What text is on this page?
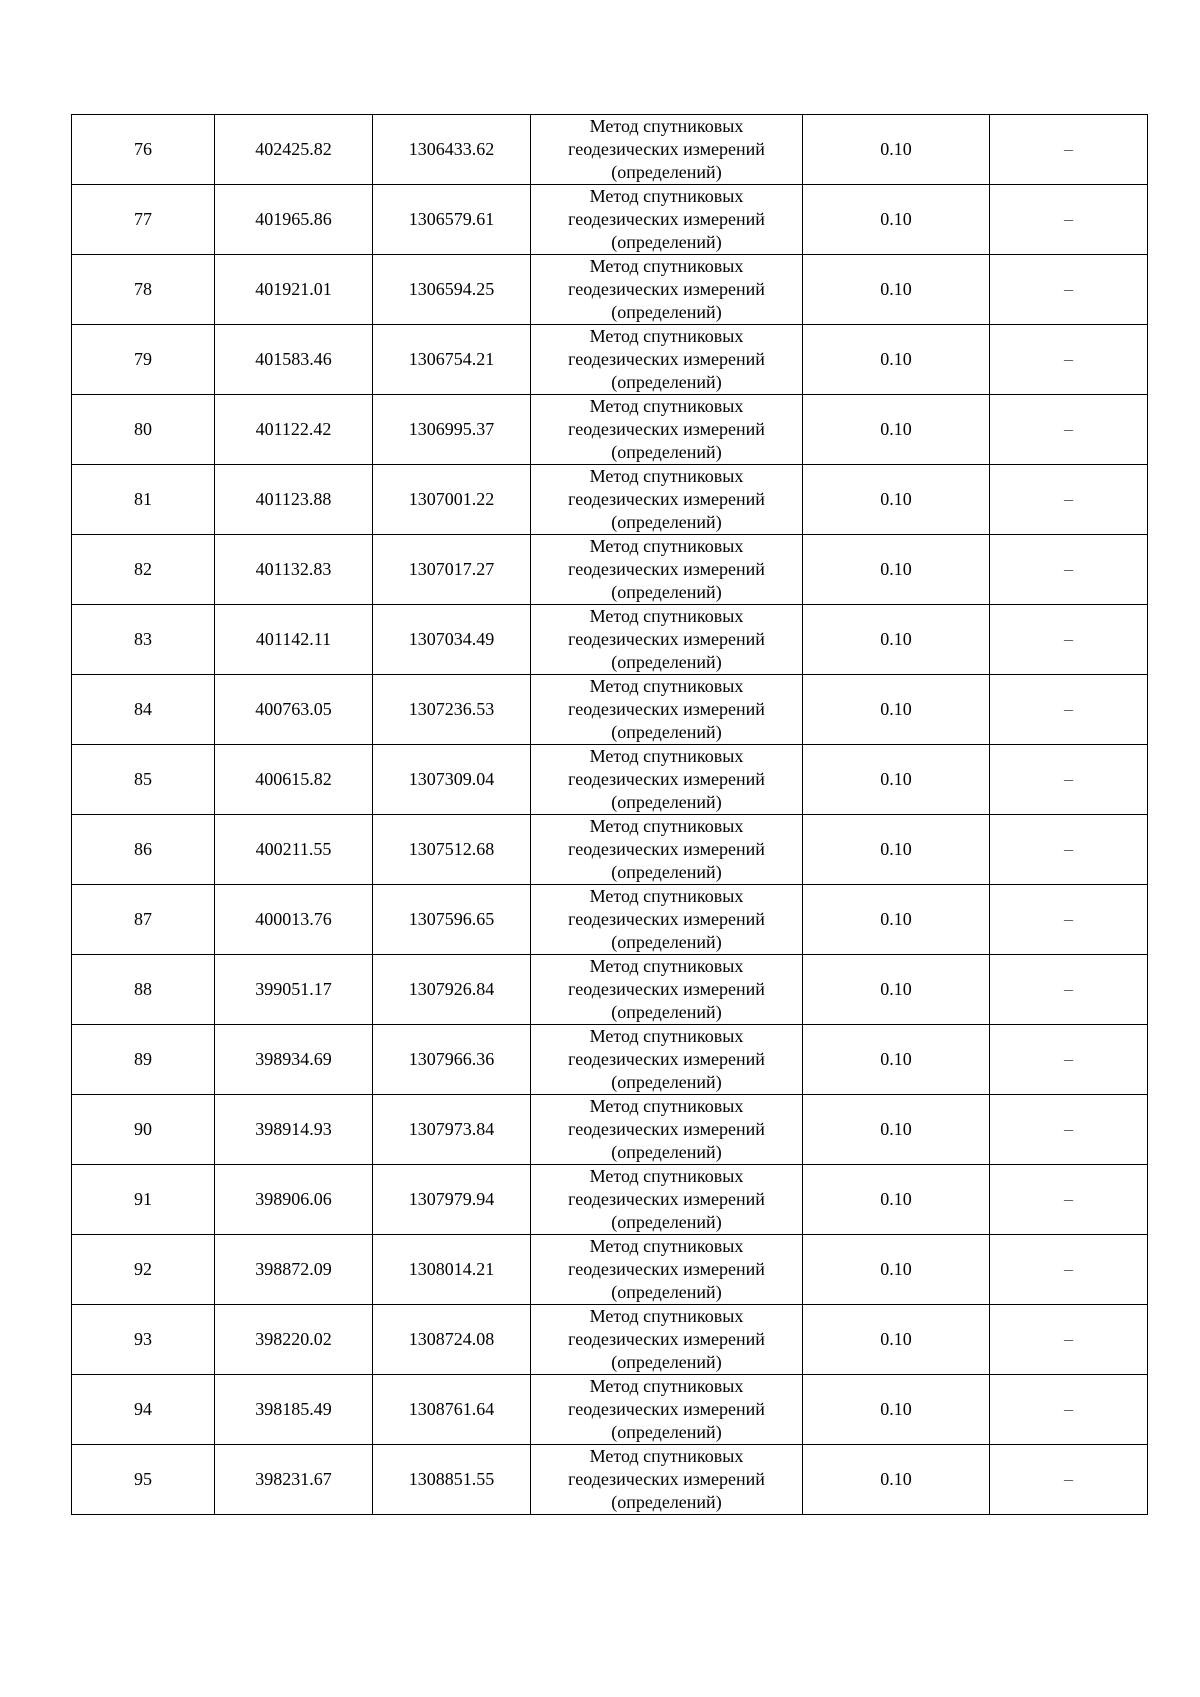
76	402425.82	1306433.62	Метод спутниковых
геодезических измерений
(определений)	0.10	–
77	401965.86	1306579.61	Метод спутниковых
геодезических измерений
(определений)	0.10	–
78	401921.01	1306594.25	Метод спутниковых
геодезических измерений
(определений)	0.10	–
79	401583.46	1306754.21	Метод спутниковых
геодезических измерений
(определений)	0.10	–
80	401122.42	1306995.37	Метод спутниковых
геодезических измерений
(определений)	0.10	–
81	401123.88	1307001.22	Метод спутниковых
геодезических измерений
(определений)	0.10	–
82	401132.83	1307017.27	Метод спутниковых
геодезических измерений
(определений)	0.10	–
83	401142.11	1307034.49	Метод спутниковых
геодезических измерений
(определений)	0.10	–
84	400763.05	1307236.53	Метод спутниковых
геодезических измерений
(определений)	0.10	–
85	400615.82	1307309.04	Метод спутниковых
геодезических измерений
(определений)	0.10	–
86	400211.55	1307512.68	Метод спутниковых
геодезических измерений
(определений)	0.10	–
87	400013.76	1307596.65	Метод спутниковых
геодезических измерений
(определений)	0.10	–
88	399051.17	1307926.84	Метод спутниковых
геодезических измерений
(определений)	0.10	–
89	398934.69	1307966.36	Метод спутниковых
геодезических измерений
(определений)	0.10	–
90	398914.93	1307973.84	Метод спутниковых
геодезических измерений
(определений)	0.10	–
91	398906.06	1307979.94	Метод спутниковых
геодезических измерений
(определений)	0.10	–
92	398872.09	1308014.21	Метод спутниковых
геодезических измерений
(определений)	0.10	–
93	398220.02	1308724.08	Метод спутниковых
геодезических измерений
(определений)	0.10	–
94	398185.49	1308761.64	Метод спутниковых
геодезических измерений
(определений)	0.10	–
95	398231.67	1308851.55	Метод спутниковых
геодезических измерений
(определений)	0.10	–
